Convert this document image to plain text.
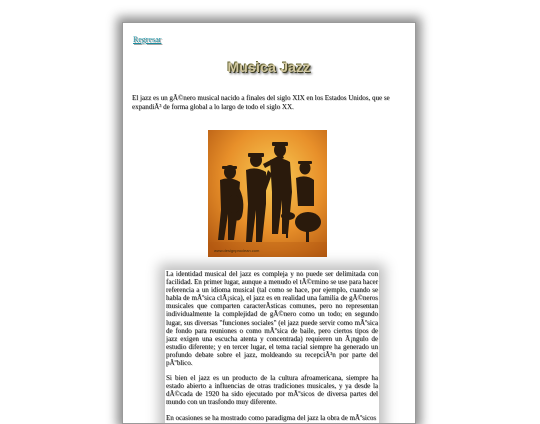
Regresar
Musica Jazz
El jazz es un gÃ©nero musical nacido a finales del siglo XIX en los Estados Unidos, que se expandiÃ³ de forma global a lo largo de todo el siglo XX.
www.designproclean.com

La identidad musical del jazz es compleja y no puede ser delimitada con facilidad. En primer lugar, aunque a menudo el tÃ©rmino se use para hacer referencia a un idioma musical (tal como se hace, por ejemplo, cuando se habla de mÃºsica clÃ¡sica), el jazz es en realidad una familia de gÃ©neros musicales que comparten caracterÃsticas comunes, pero no representan individualmente la complejidad de gÃ©nero como un todo; en segundo lugar, sus diversas "funciones sociales" (el jazz puede servir como mÃºsica de fondo para reuniones o como mÃºsica de baile, pero ciertos tipos de jazz exigen una escucha atenta y concentrada) requieren un Ã¡ngulo de estudio diferente; y en tercer lugar, el tema racial siempre ha generado un profundo debate sobre el jazz, moldeando su recepciÃ³n por parte del pÃºblico.

Si bien el jazz es un producto de la cultura afroamericana, siempre ha estado abierto a influencias de otras tradiciones musicales, y ya desde la dÃ©cada de 1920 ha sido ejecutado por mÃºsicos de diversa partes del mundo con un trasfondo muy diferente.

En ocasiones se ha mostrado como paradigma del jazz la obra de mÃºsicos
